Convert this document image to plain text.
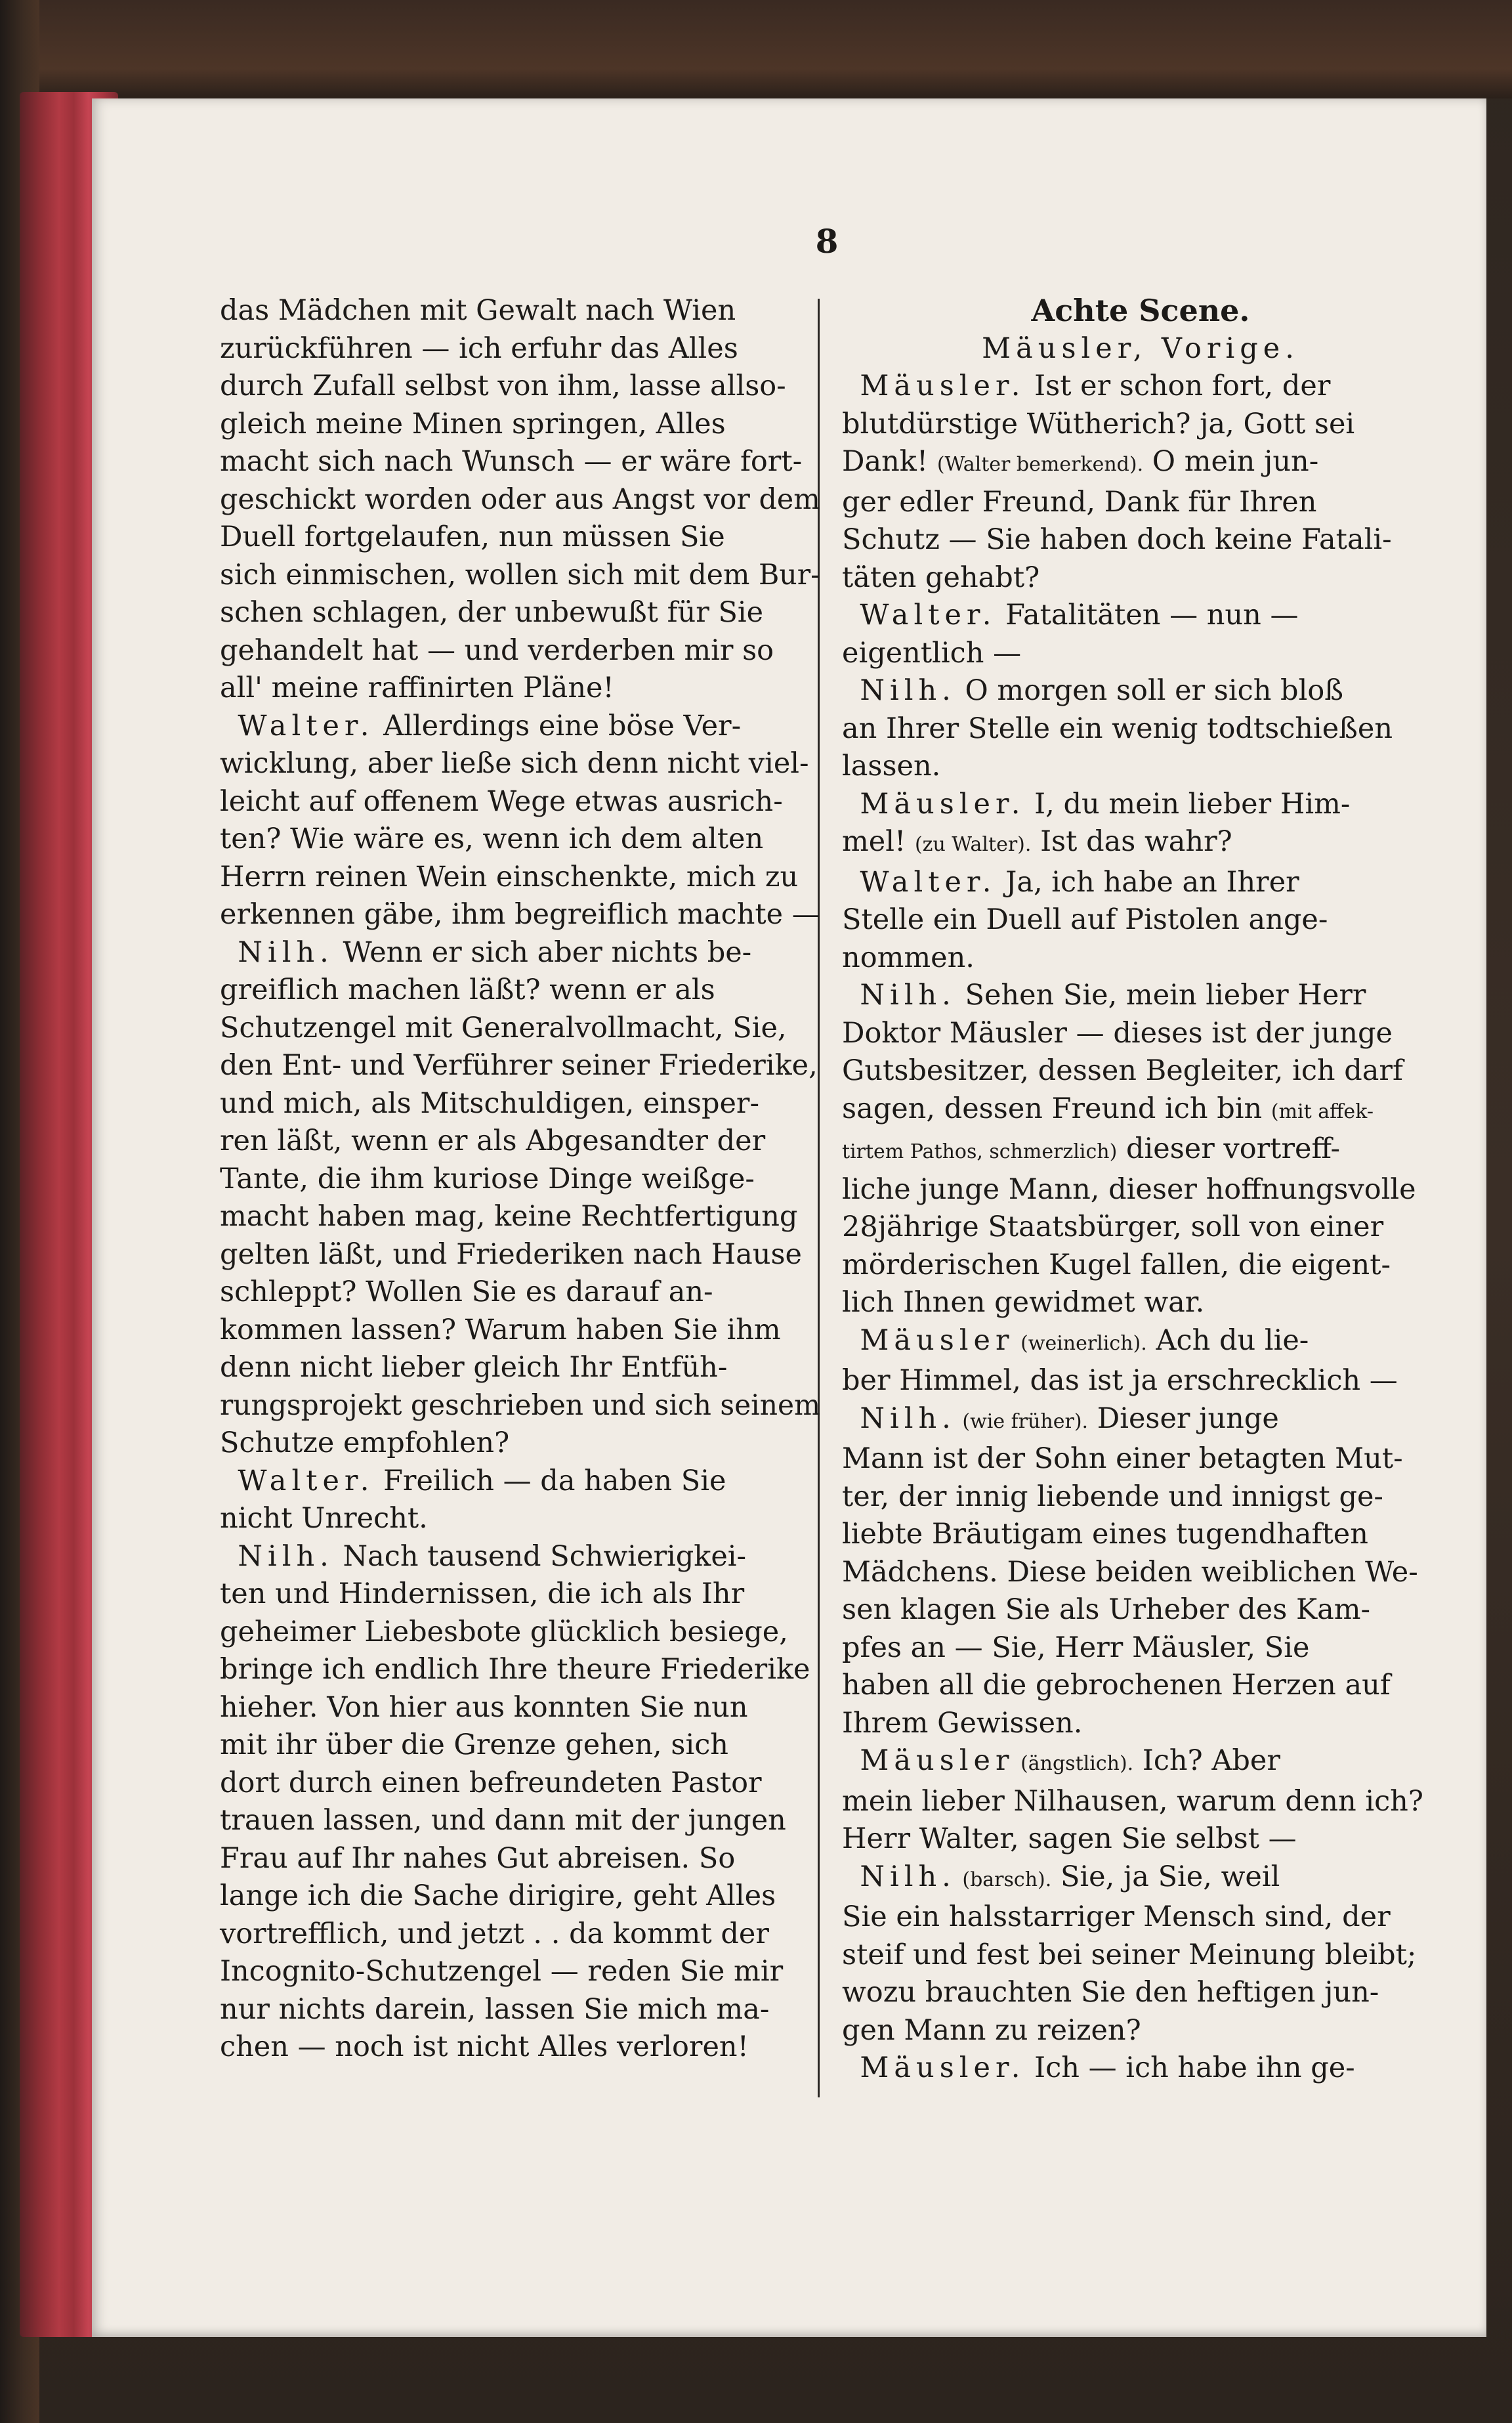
8
das Mädchen mit Gewalt nach Wien
zurückführen — ich erfuhr das Alles
durch Zufall selbst von ihm, lasse allso-
gleich meine Minen springen, Alles
macht sich nach Wunsch — er wäre fort-
geschickt worden oder aus Angst vor dem
Duell fortgelaufen, nun müssen Sie
sich einmischen, wollen sich mit dem Bur-
schen schlagen, der unbewußt für Sie
gehandelt hat — und verderben mir so
all' meine raffinirten Pläne!
Walter. Allerdings eine böse Ver-
wicklung, aber ließe sich denn nicht viel-
leicht auf offenem Wege etwas ausrich-
ten? Wie wäre es, wenn ich dem alten
Herrn reinen Wein einschenkte, mich zu
erkennen gäbe, ihm begreiflich machte —
Nilh. Wenn er sich aber nichts be-
greiflich machen läßt? wenn er als
Schutzengel mit Generalvollmacht, Sie,
den Ent- und Verführer seiner Friederike,
und mich, als Mitschuldigen, einsper-
ren läßt, wenn er als Abgesandter der
Tante, die ihm kuriose Dinge weißge-
macht haben mag, keine Rechtfertigung
gelten läßt, und Friederiken nach Hause
schleppt? Wollen Sie es darauf an-
kommen lassen? Warum haben Sie ihm
denn nicht lieber gleich Ihr Entfüh-
rungsprojekt geschrieben und sich seinem
Schutze empfohlen?
Walter. Freilich — da haben Sie
nicht Unrecht.
Nilh. Nach tausend Schwierigkei-
ten und Hindernissen, die ich als Ihr
geheimer Liebesbote glücklich besiege,
bringe ich endlich Ihre theure Friederike
hieher. Von hier aus konnten Sie nun
mit ihr über die Grenze gehen, sich
dort durch einen befreundeten Pastor
trauen lassen, und dann mit der jungen
Frau auf Ihr nahes Gut abreisen. So
lange ich die Sache dirigire, geht Alles
vortrefflich, und jetzt . . da kommt der
Incognito-Schutzengel — reden Sie mir
nur nichts darein, lassen Sie mich ma-
chen — noch ist nicht Alles verloren!
Achte Scene.
Mäusler, Vorige.
Mäusler. Ist er schon fort, der
blutdürstige Wütherich? ja, Gott sei
Dank! (Walter bemerkend). O mein jun-
ger edler Freund, Dank für Ihren
Schutz — Sie haben doch keine Fatali-
täten gehabt?
Walter. Fatalitäten — nun —
eigentlich —
Nilh. O morgen soll er sich bloß
an Ihrer Stelle ein wenig todtschießen
lassen.
Mäusler. I, du mein lieber Him-
mel! (zu Walter). Ist das wahr?
Walter. Ja, ich habe an Ihrer
Stelle ein Duell auf Pistolen ange-
nommen.
Nilh. Sehen Sie, mein lieber Herr
Doktor Mäusler — dieses ist der junge
Gutsbesitzer, dessen Begleiter, ich darf
sagen, dessen Freund ich bin (mit affek-
tirtem Pathos, schmerzlich) dieser vortreff-
liche junge Mann, dieser hoffnungsvolle
28jährige Staatsbürger, soll von einer
mörderischen Kugel fallen, die eigent-
lich Ihnen gewidmet war.
Mäusler (weinerlich). Ach du lie-
ber Himmel, das ist ja erschrecklich —
Nilh. (wie früher). Dieser junge
Mann ist der Sohn einer betagten Mut-
ter, der innig liebende und innigst ge-
liebte Bräutigam eines tugendhaften
Mädchens. Diese beiden weiblichen We-
sen klagen Sie als Urheber des Kam-
pfes an — Sie, Herr Mäusler, Sie
haben all die gebrochenen Herzen auf
Ihrem Gewissen.
Mäusler (ängstlich). Ich? Aber
mein lieber Nilhausen, warum denn ich?
Herr Walter, sagen Sie selbst —
Nilh. (barsch). Sie, ja Sie, weil
Sie ein halsstarriger Mensch sind, der
steif und fest bei seiner Meinung bleibt;
wozu brauchten Sie den heftigen jun-
gen Mann zu reizen?
Mäusler. Ich — ich habe ihn ge-
